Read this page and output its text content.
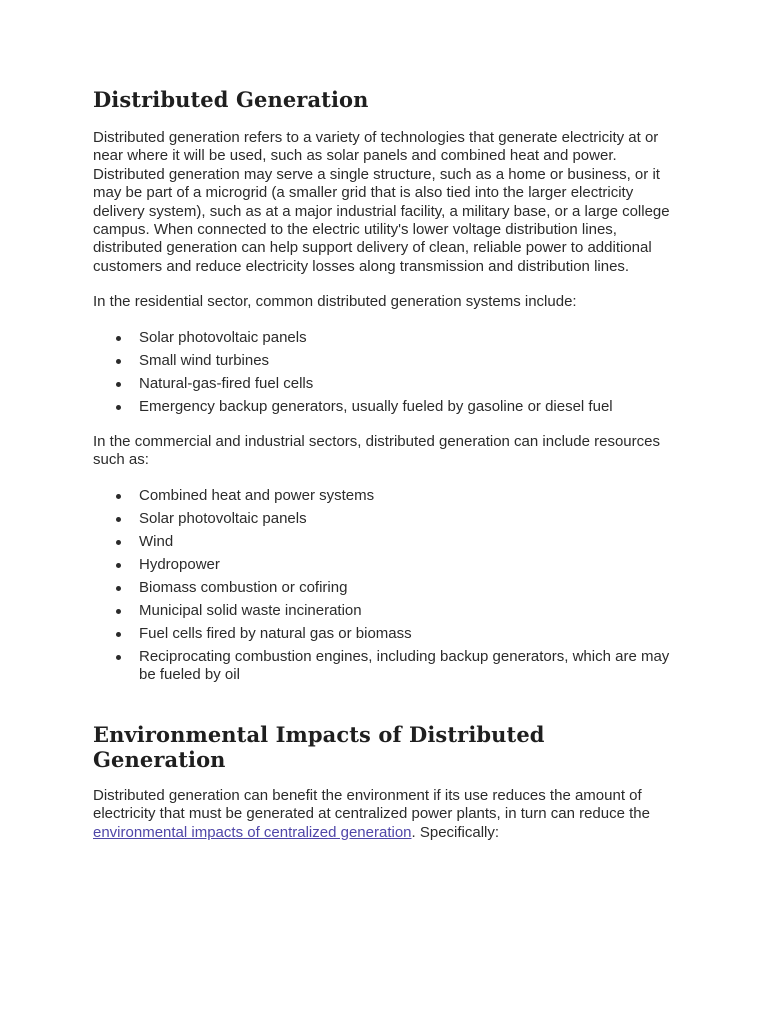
Distributed Generation

Distributed generation refers to a variety of technologies that generate electricity at or near where it will be used, such as solar panels and combined heat and power. Distributed generation may serve a single structure, such as a home or business, or it may be part of a microgrid (a smaller grid that is also tied into the larger electricity delivery system), such as at a major industrial facility, a military base, or a large college campus. When connected to the electric utility's lower voltage distribution lines, distributed generation can help support delivery of clean, reliable power to additional customers and reduce electricity losses along transmission and distribution lines.

In the residential sector, common distributed generation systems include:

Solar photovoltaic panels
Small wind turbines
Natural-gas-fired fuel cells
Emergency backup generators, usually fueled by gasoline or diesel fuel

In the commercial and industrial sectors, distributed generation can include resources such as:

Combined heat and power systems
Solar photovoltaic panels
Wind
Hydropower
Biomass combustion or cofiring
Municipal solid waste incineration
Fuel cells fired by natural gas or biomass
Reciprocating combustion engines, including backup generators, which are may be fueled by oil
Environmental Impacts of Distributed Generation

Distributed generation can benefit the environment if its use reduces the amount of electricity that must be generated at centralized power plants, in turn can reduce the environmental impacts of centralized generation. Specifically:
